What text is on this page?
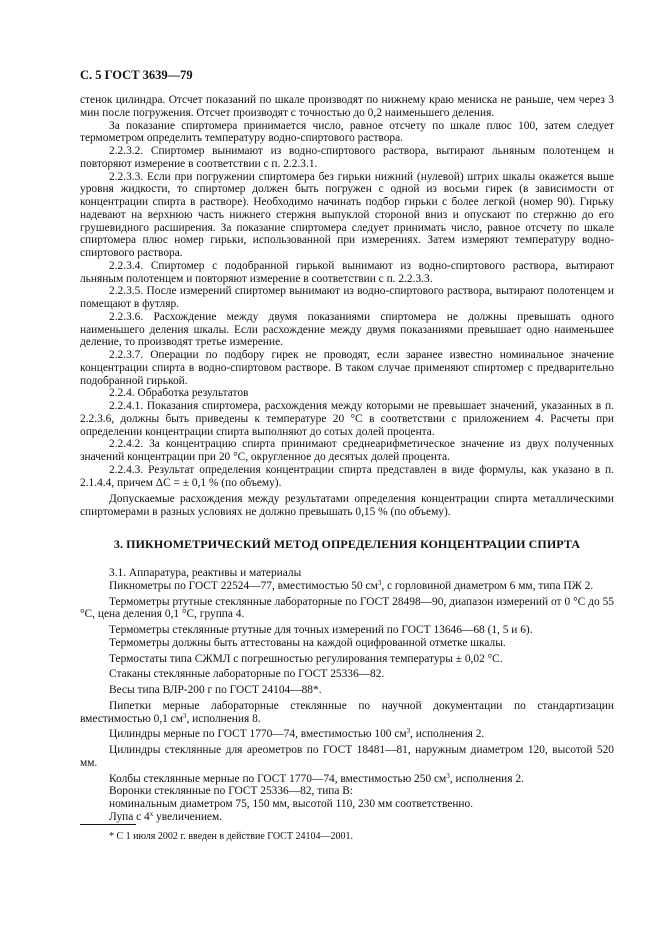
С. 5 ГОСТ 3639—79

стенок цилиндра. Отсчет показаний по шкале производят по нижнему краю мениска не раньше, чем через 3 мин после погружения. Отсчет производят с точностью до 0,2 наименьшего деления.

За показание спиртомера принимается число, равное отсчету по шкале плюс 100, затем следует термометром определить температуру водно-спиртового раствора.

2.2.3.2. Спиртомер вынимают из водно-спиртового раствора, вытирают льняным полотенцем и повторяют измерение в соответствии с п. 2.2.3.1.

2.2.3.3. Если при погружении спиртомера без гирьки нижний (нулевой) штрих шкалы окажется выше уровня жидкости, то спиртомер должен быть погружен с одной из восьми гирек (в зависимости от концентрации спирта в растворе). Необходимо начинать подбор гирьки с более легкой (номер 90). Гирьку надевают на верхнюю часть нижнего стержня выпуклой стороной вниз и опускают по стержню до его грушевидного расширения. За показание спиртомера следует принимать число, равное отсчету по шкале спиртомера плюс номер гирьки, использованной при измерениях. Затем измеряют температуру водно-спиртового раствора.

2.2.3.4. Спиртомер с подобранной гирькой вынимают из водно-спиртового раствора, вытирают льняным полотенцем и повторяют измерение в соответствии с п. 2.2.3.3.

2.2.3.5. После измерений спиртомер вынимают из водно-спиртового раствора, вытирают полотенцем и помещают в футляр.

2.2.3.6. Расхождение между двумя показаниями спиртомера не должны превышать одного наименьшего деления шкалы. Если расхождение между двумя показаниями превышает одно наименьшее деление, то производят третье измерение.

2.2.3.7. Операции по подбору гирек не проводят, если заранее известно номинальное значение концентрации спирта в водно-спиртовом растворе. В таком случае применяют спиртомер с предварительно подобранной гирькой.

2.2.4. Обработка результатов

2.2.4.1. Показания спиртомера, расхождения между которыми не превышает значений, указанных в п. 2.2.3.6, должны быть приведены к температуре 20 °С в соответствии с приложением 4. Расчеты при определении концентрации спирта выполняют до сотых долей процента.

2.2.4.2. За концентрацию спирта принимают среднеарифметическое значение из двух полученных значений концентрации при 20 °С, округленное до десятых долей процента.

2.2.4.3. Результат определения концентрации спирта представлен в виде формулы, как указано в п. 2.1.4.4, причем ΔC = ± 0,1 % (по объему).

Допускаемые расхождения между результатами определения концентрации спирта металлическими спиртомерами в разных условиях не должно превышать 0,15 % (по объему).

3. ПИКНОМЕТРИЧЕСКИЙ МЕТОД ОПРЕДЕЛЕНИЯ КОНЦЕНТРАЦИИ СПИРТА

3.1. Аппаратура, реактивы и материалы

Пикнометры по ГОСТ 22524—77, вместимостью 50 $см^3$, с горловиной диаметром 6 мм, типа ПЖ 2.

Термометры ртутные стеклянные лабораторные по ГОСТ 28498—90, диапазон измерений от 0 °С до 55 °С, цена деления 0,1 °С, группа 4.

Термометры стеклянные ртутные для точных измерений по ГОСТ 13646—68 (1, 5 и 6).

Термометры должны быть аттестованы на каждой оцифрованной отметке шкалы.

Термостаты типа СЖМЛ с погрешностью регулирования температуры ± 0,02 °С.

Стаканы стеклянные лабораторные по ГОСТ 25336—82.

Весы типа ВЛР-200 г по ГОСТ 24104—88*.

Пипетки мерные лабораторные стеклянные по научной документации по стандартизации вместимостью 0,1 $см^3$, исполнения 8.

Цилиндры мерные по ГОСТ 1770—74, вместимостью 100 $см^3$, исполнения 2.

Цилиндры стеклянные для ареометров по ГОСТ 18481—81, наружным диаметром 120, высотой 520 мм.

Колбы стеклянные мерные по ГОСТ 1770—74, вместимостью 250 $см^3$, исполнения 2.

Воронки стеклянные по ГОСТ 25336—82, типа В:

номинальным диаметром 75, 150 мм, высотой 110, 230 мм соответственно.

Лупа с 4$^x$ увеличением.

* С 1 июля 2002 г. введен в действие ГОСТ 24104—2001.
